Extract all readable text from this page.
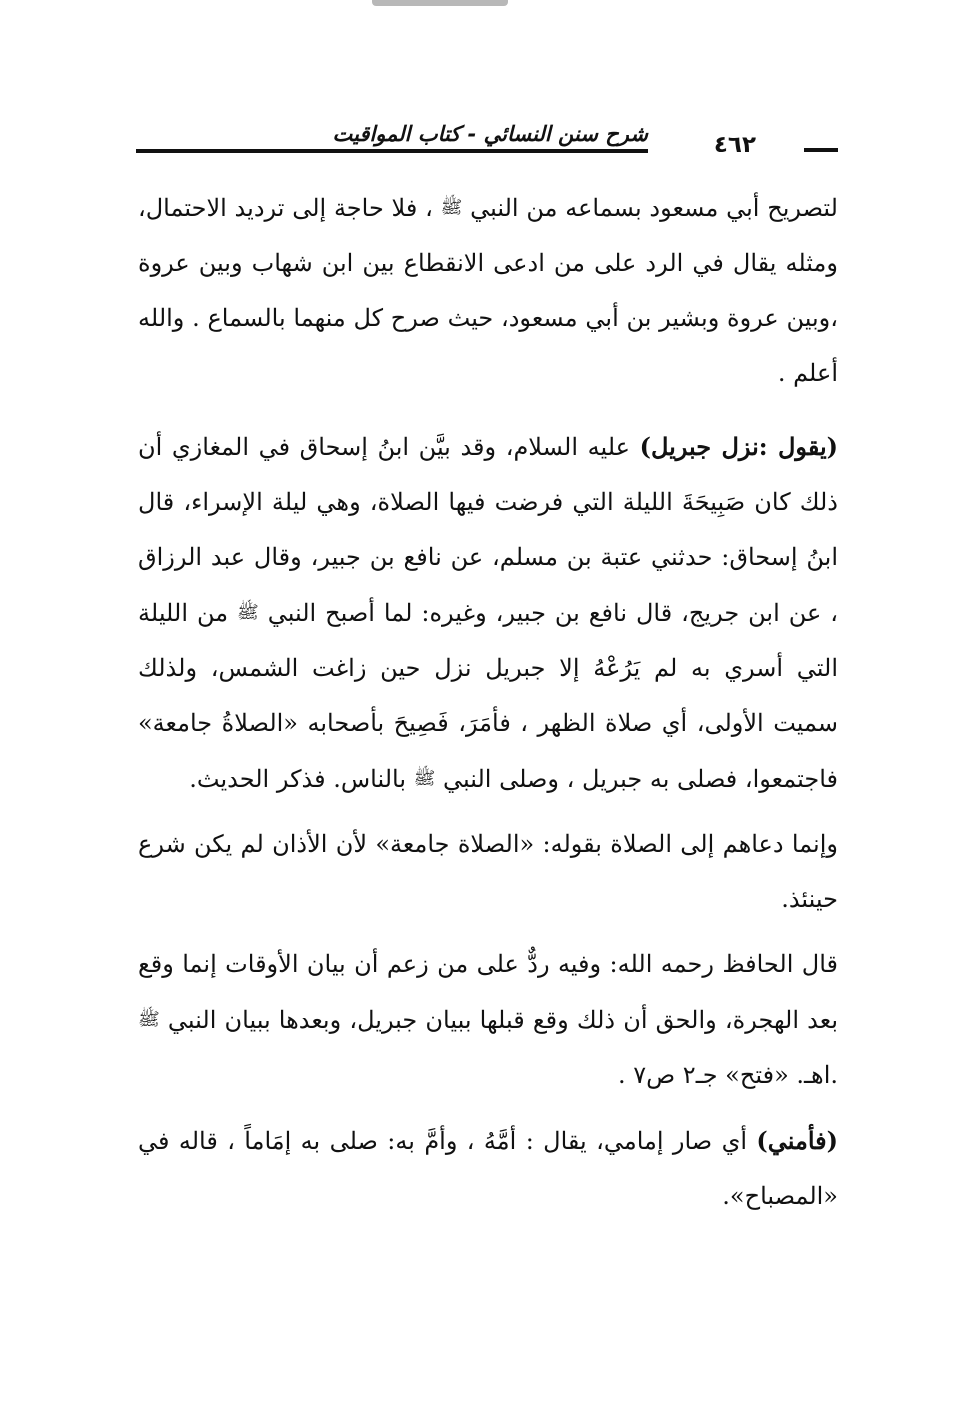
٤٦٢
شرح سنن النسائي - كتاب المواقيت

لتصريح أبي مسعود بسماعه من النبي ﷺ ، فلا حاجة إلى ترديد الاحتمال، ومثله يقال في الرد على من ادعى الانقطاع بين ابن شهاب وبين عروة ،وبين عروة وبشير بن أبي مسعود، حيث صرح كل منهما بالسماع . والله أعلم .

(يقول :نزل جبريل) عليه السلام، وقد بيَّن ابنُ إسحاق في المغازي أن ذلك كان صَبِيحَةَ الليلة التي فرضت فيها الصلاة، وهي ليلة الإسراء، قال ابنُ إسحاق: حدثني عتبة بن مسلم، عن نافع بن جبير، وقال عبد الرزاق ، عن ابن جريج، قال نافع بن جبير، وغيره: لما أصبح النبي ﷺ من الليلة التي أسري به لم يَرُعْهُ إلا جبريل نزل حين زاغت الشمس، ولذلك سميت الأولى، أي صلاة الظهر ، فأمَرَ، فَصِيحَ بأصحابه «الصلاةُ جامعة» فاجتمعوا، فصلى به جبريل ، وصلى النبي ﷺ بالناس. فذكر الحديث.

وإنما دعاهم إلى الصلاة بقوله: «الصلاة جامعة» لأن الأذان لم يكن شرع حينئذ.

قال الحافظ رحمه الله: وفيه ردٌّ على من زعم أن بيان الأوقات إنما وقع بعد الهجرة، والحق أن ذلك وقع قبلها ببيان جبريل، وبعدها ببيان النبي ﷺ .اهـ. «فتح» جـ٢ ص٧ .

(فأمني) أي صار إمامي، يقال : أمَّهُ ، وأمَّ به: صلى به إمَاماً ، قاله في «المصباح».
